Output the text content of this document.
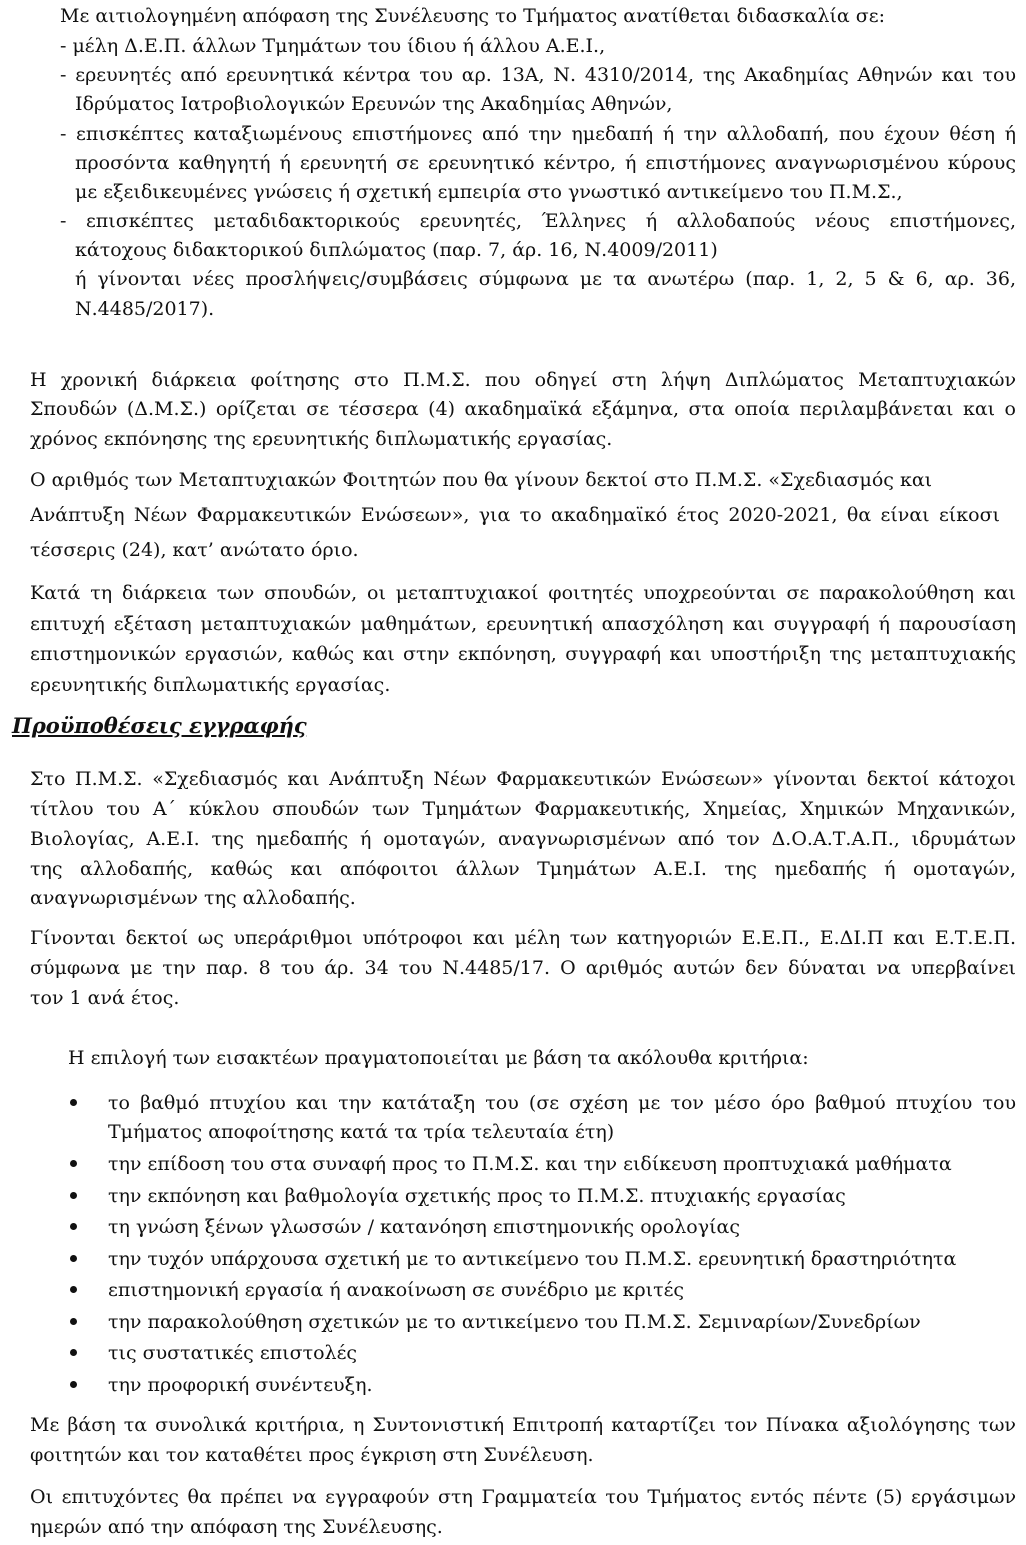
Με αιτιολογημένη απόφαση της Συνέλευσης το Τμήματος ανατίθεται διδασκαλία σε:
- μέλη Δ.Ε.Π. άλλων Τμημάτων του ίδιου ή άλλου Α.Ε.Ι.,
- ερευνητές από ερευνητικά κέντρα του αρ. 13Α, Ν. 4310/2014, της Ακαδημίας Αθηνών και του
Ιδρύματος Ιατροβιολογικών Ερευνών της Ακαδημίας Αθηνών,
- επισκέπτες καταξιωμένους επιστήμονες από την ημεδαπή ή την αλλοδαπή, που έχουν θέση ή
προσόντα καθηγητή ή ερευνητή σε ερευνητικό κέντρο, ή επιστήμονες αναγνωρισμένου κύρους
με εξειδικευμένες γνώσεις ή σχετική εμπειρία στο γνωστικό αντικείμενο του Π.Μ.Σ.,
- επισκέπτες μεταδιδακτορικούς ερευνητές, Έλληνες ή αλλοδαπούς νέους επιστήμονες,
κάτοχους διδακτορικού διπλώματος (παρ. 7, άρ. 16, Ν.4009/2011)
ή γίνονται νέες προσλήψεις/συμβάσεις σύμφωνα με τα ανωτέρω (παρ. 1, 2, 5 & 6, αρ. 36,
Ν.4485/2017).
Η χρονική διάρκεια φοίτησης στο Π.Μ.Σ. που οδηγεί στη λήψη Διπλώματος Μεταπτυχιακών
Σπουδών (Δ.Μ.Σ.) ορίζεται σε τέσσερα (4) ακαδημαϊκά εξάμηνα, στα οποία περιλαμβάνεται και ο
χρόνος εκπόνησης της ερευνητικής διπλωματικής εργασίας.
Ο αριθμός των Μεταπτυχιακών Φοιτητών που θα γίνουν δεκτοί στο Π.Μ.Σ. «Σχεδιασμός και
Ανάπτυξη Νέων Φαρμακευτικών Ενώσεων», για το ακαδημαϊκό έτος 2020-2021, θα είναι είκοσι
τέσσερις (24), κατ’ ανώτατο όριο.
Κατά τη διάρκεια των σπουδών, οι μεταπτυχιακοί φοιτητές υποχρεούνται σε παρακολούθηση και
επιτυχή εξέταση μεταπτυχιακών μαθημάτων, ερευνητική απασχόληση και συγγραφή ή παρουσίαση
επιστημονικών εργασιών, καθώς και στην εκπόνηση, συγγραφή και υποστήριξη της μεταπτυχιακής
ερευνητικής διπλωματικής εργασίας.
Προϋποθέσεις εγγραφής
Στο Π.Μ.Σ. «Σχεδιασμός και Ανάπτυξη Νέων Φαρμακευτικών Ενώσεων» γίνονται δεκτοί κάτοχοι
τίτλου του Α΄ κύκλου σπουδών των Τμημάτων Φαρμακευτικής, Χημείας, Χημικών Μηχανικών,
Βιολογίας, Α.Ε.Ι. της ημεδαπής ή ομοταγών, αναγνωρισμένων από τον Δ.Ο.Α.Τ.Α.Π., ιδρυμάτων
της αλλοδαπής, καθώς και απόφοιτοι άλλων Τμημάτων Α.Ε.Ι. της ημεδαπής ή ομοταγών,
αναγνωρισμένων της αλλοδαπής.
Γίνονται δεκτοί ως υπεράριθμοι υπότροφοι και μέλη των κατηγοριών Ε.Ε.Π., Ε.ΔΙ.Π και Ε.Τ.Ε.Π.
σύμφωνα με την παρ. 8 του άρ. 34 του Ν.4485/17. Ο αριθμός αυτών δεν δύναται να υπερβαίνει
τον 1 ανά έτος.
Η επιλογή των εισακτέων πραγματοποιείται με βάση τα ακόλουθα κριτήρια:
το βαθμό πτυχίου και την κατάταξη του (σε σχέση με τον μέσο όρο βαθμού πτυχίου του
Τμήματος αποφοίτησης κατά τα τρία τελευταία έτη)
την επίδοση του στα συναφή προς το Π.Μ.Σ. και την ειδίκευση προπτυχιακά μαθήματα
την εκπόνηση και βαθμολογία σχετικής προς το Π.Μ.Σ. πτυχιακής εργασίας
τη γνώση ξένων γλωσσών / κατανόηση επιστημονικής ορολογίας
την τυχόν υπάρχουσα σχετική με το αντικείμενο του Π.Μ.Σ. ερευνητική δραστηριότητα
επιστημονική εργασία ή ανακοίνωση σε συνέδριο με κριτές
την παρακολούθηση σχετικών με το αντικείμενο του Π.Μ.Σ. Σεμιναρίων/Συνεδρίων
τις συστατικές επιστολές
την προφορική συνέντευξη.
Με βάση τα συνολικά κριτήρια, η Συντονιστική Επιτροπή καταρτίζει τον Πίνακα αξιολόγησης των
φοιτητών και τον καταθέτει προς έγκριση στη Συνέλευση.
Οι επιτυχόντες θα πρέπει να εγγραφούν στη Γραμματεία του Τμήματος εντός πέντε (5) εργάσιμων
ημερών από την απόφαση της Συνέλευσης.
